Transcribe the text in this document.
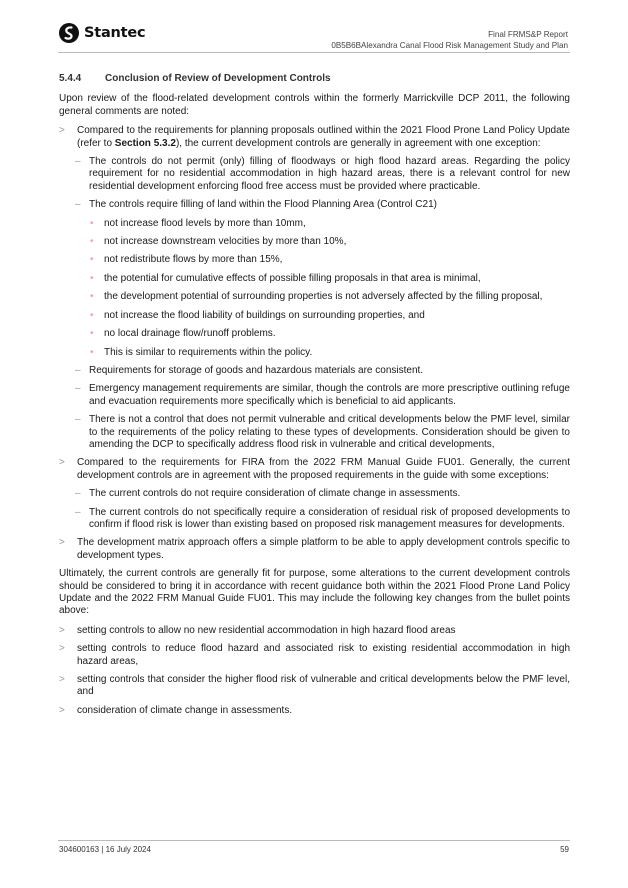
Stantec	Final FRMS&P Report
0B5B6BAlexandra Canal Flood Risk Management Study and Plan
5.4.4	Conclusion of Review of Development Controls

Upon review of the flood-related development controls within the formerly Marrickville DCP 2011, the following general comments are noted:

> Compared to the requirements for planning proposals outlined within the 2021 Flood Prone Land Policy Update (refer to Section 5.3.2), the current development controls are generally in agreement with one exception:
– The controls do not permit (only) filling of floodways or high flood hazard areas. Regarding the policy requirement for no residential accommodation in high hazard areas, there is a relevant control for new residential development enforcing flood free access must be provided where practicable.
– The controls require filling of land within the Flood Planning Area (Control C21)
• not increase flood levels by more than 10mm,
• not increase downstream velocities by more than 10%,
• not redistribute flows by more than 15%,
• the potential for cumulative effects of possible filling proposals in that area is minimal,
• the development potential of surrounding properties is not adversely affected by the filling proposal,
• not increase the flood liability of buildings on surrounding properties, and
• no local drainage flow/runoff problems.
• This is similar to requirements within the policy.
– Requirements for storage of goods and hazardous materials are consistent.
– Emergency management requirements are similar, though the controls are more prescriptive outlining refuge and evacuation requirements more specifically which is beneficial to aid applicants.
– There is not a control that does not permit vulnerable and critical developments below the PMF level, similar to the requirements of the policy relating to these types of developments. Consideration should be given to amending the DCP to specifically address flood risk in vulnerable and critical developments,
> Compared to the requirements for FIRA from the 2022 FRM Manual Guide FU01. Generally, the current development controls are in agreement with the proposed requirements in the guide with some exceptions:
– The current controls do not require consideration of climate change in assessments.
– The current controls do not specifically require a consideration of residual risk of proposed developments to confirm if flood risk is lower than existing based on proposed risk management measures for developments.
> The development matrix approach offers a simple platform to be able to apply development controls specific to development types.

Ultimately, the current controls are generally fit for purpose, some alterations to the current development controls should be considered to bring it in accordance with recent guidance both within the 2021 Flood Prone Land Policy Update and the 2022 FRM Manual Guide FU01. This may include the following key changes from the bullet points above:

> setting controls to allow no new residential accommodation in high hazard flood areas
> setting controls to reduce flood hazard and associated risk to existing residential accommodation in high hazard areas,
> setting controls that consider the higher flood risk of vulnerable and critical developments below the PMF level, and
> consideration of climate change in assessments.
304600163 | 16 July 2024	59
